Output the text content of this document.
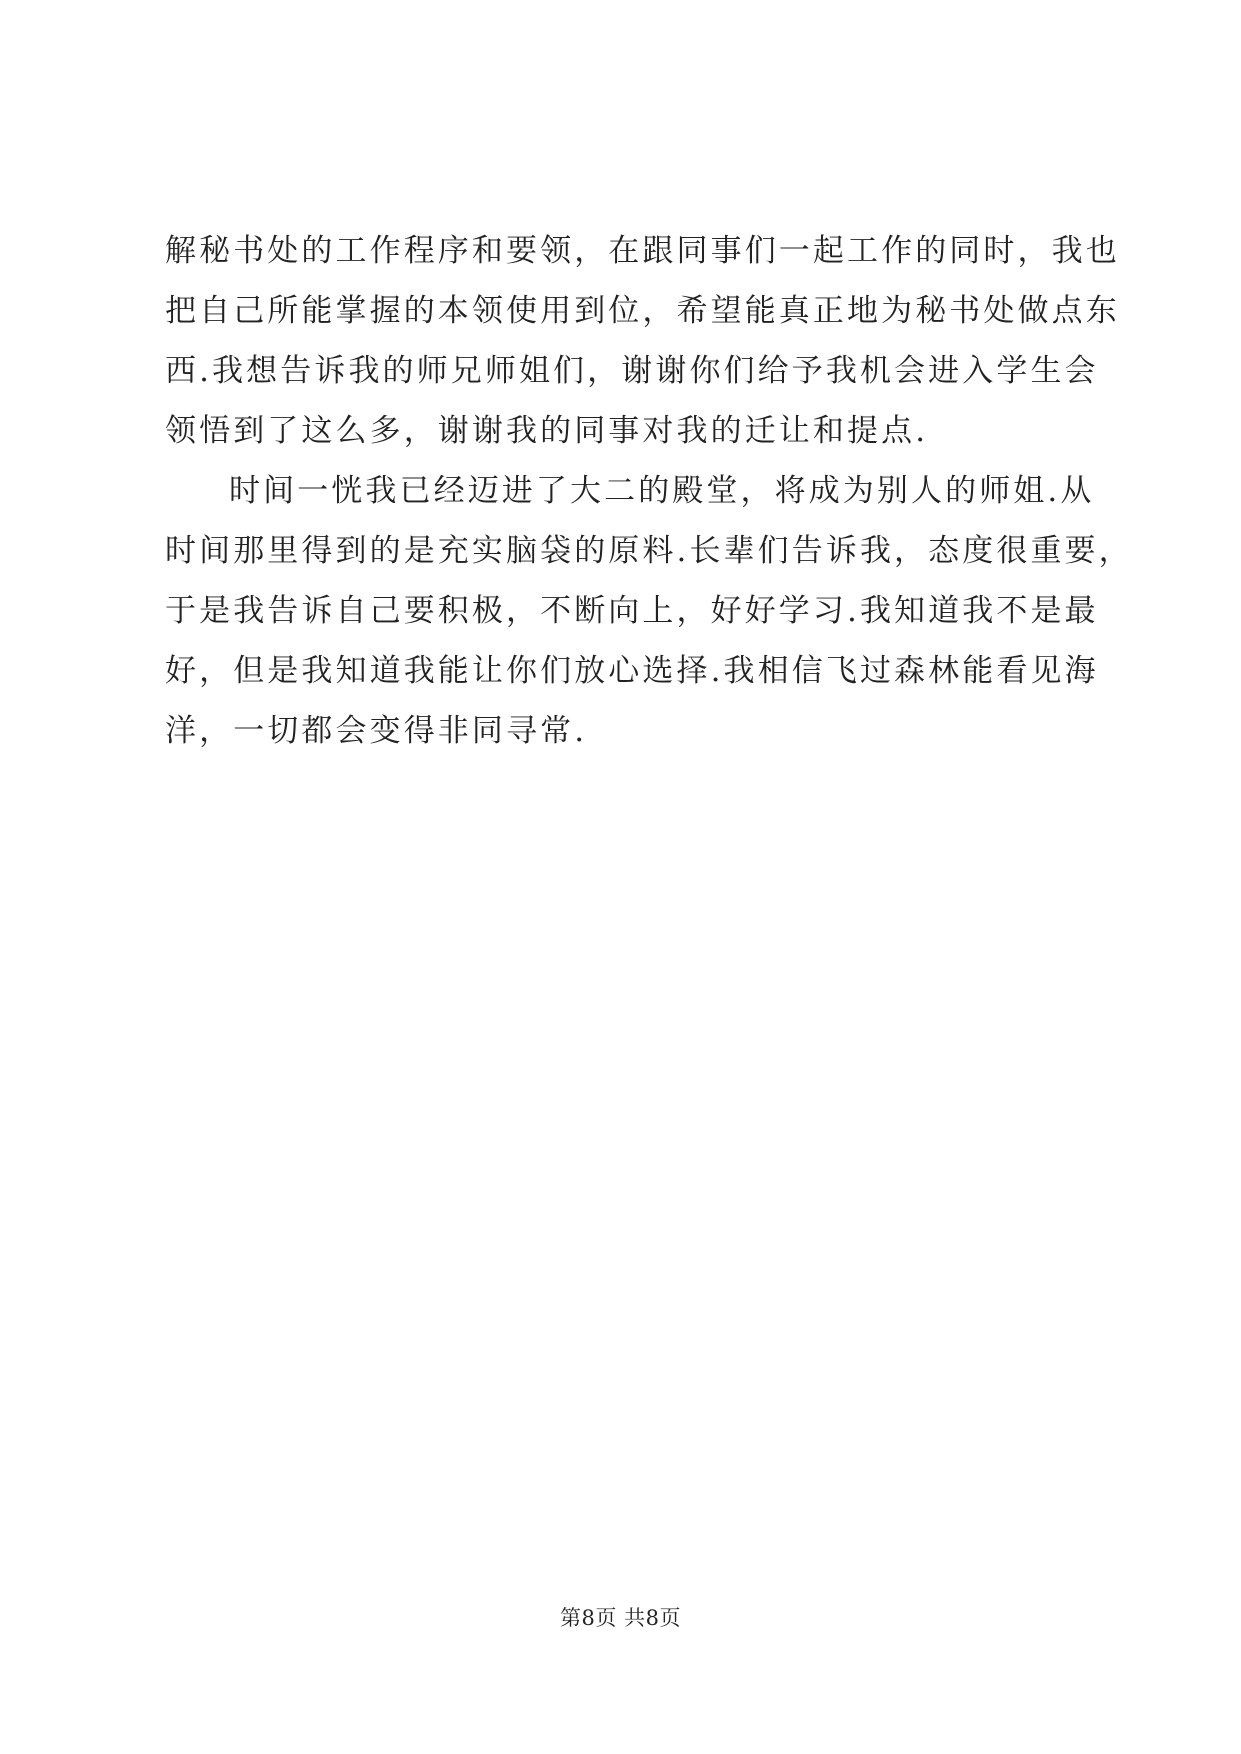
解秘书处的工作程序和要领，在跟同事们一起工作的同时，我也
把自己所能掌握的本领使用到位，希望能真正地为秘书处做点东
西.我想告诉我的师兄师姐们，谢谢你们给予我机会进入学生会
领悟到了这么多，谢谢我的同事对我的迁让和提点.
时间一恍我已经迈进了大二的殿堂，将成为别人的师姐.从
时间那里得到的是充实脑袋的原料.长辈们告诉我，态度很重要，
于是我告诉自己要积极，不断向上，好好学习.我知道我不是最
好，但是我知道我能让你们放心选择.我相信飞过森林能看见海
洋，一切都会变得非同寻常.
第8页 共8页
